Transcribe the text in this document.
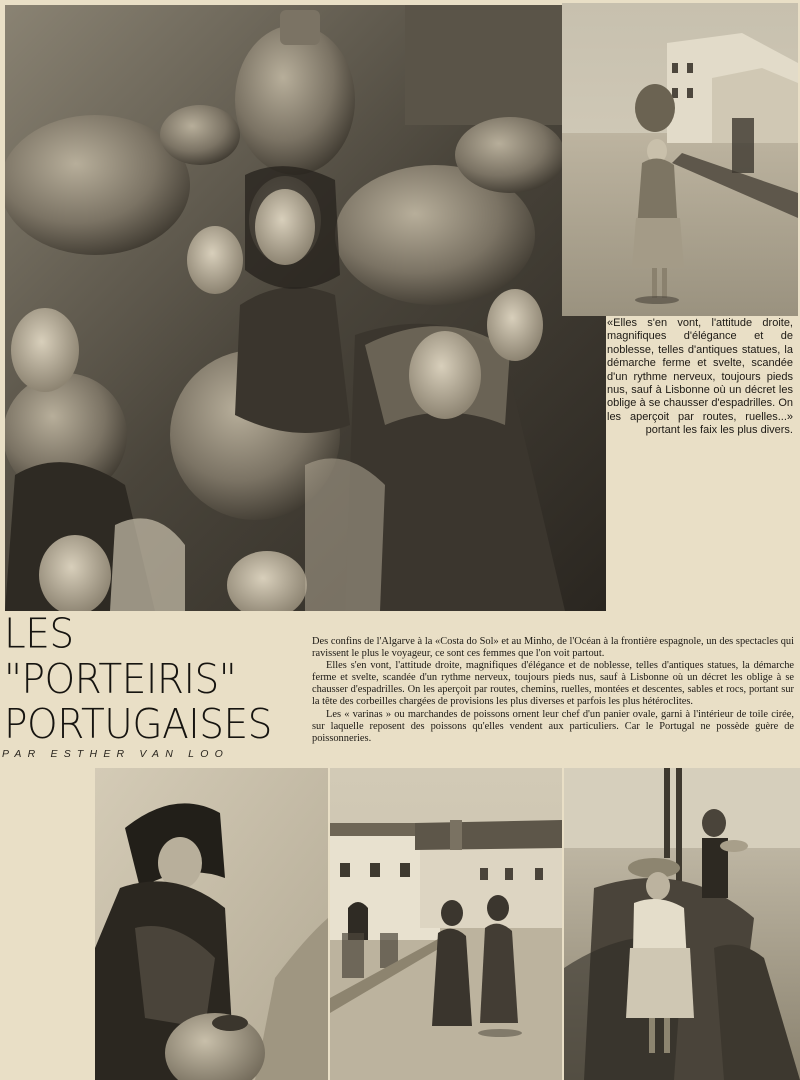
«Elles s'en vont, l'attitude droite, magnifiques d'élégance et de noblesse, telles d'antiques statues, la démarche ferme et svelte, scandée d'un rythme nerveux, toujours pieds nus, sauf à Lisbonne où un décret les oblige à se chausser d'espadrilles. On les aperçoit par routes, ruelles...» portant les faix les plus divers.
LES "PORTEIRIS"
PORTUGAISES
PAR ESTHER VAN LOO

Des confins de l'Algarve à la «Costa do Sol» et au Minho, de l'Océan à la frontière espagnole, un des spectacles qui ravissent le plus le voyageur, ce sont ces femmes que l'on voit partout.

Elles s'en vont, l'attitude droite, magnifiques d'élégance et de noblesse, telles d'antiques statues, la démarche ferme et svelte, scandée d'un rythme nerveux, toujours pieds nus, sauf à Lisbonne où un décret les oblige à se chausser d'espadrilles. On les aperçoit par routes, chemins, ruelles, montées et descentes, sables et rocs, portant sur la tête des corbeilles chargées de provisions les plus diverses et parfois les plus hétéroclites.

Les « varinas » ou marchandes de poissons ornent leur chef d'un panier ovale, garni à l'intérieur de toile cirée, sur laquelle reposent des poissons qu'elles vendent aux particuliers. Car le Portugal ne possède guère de poissonneries.
